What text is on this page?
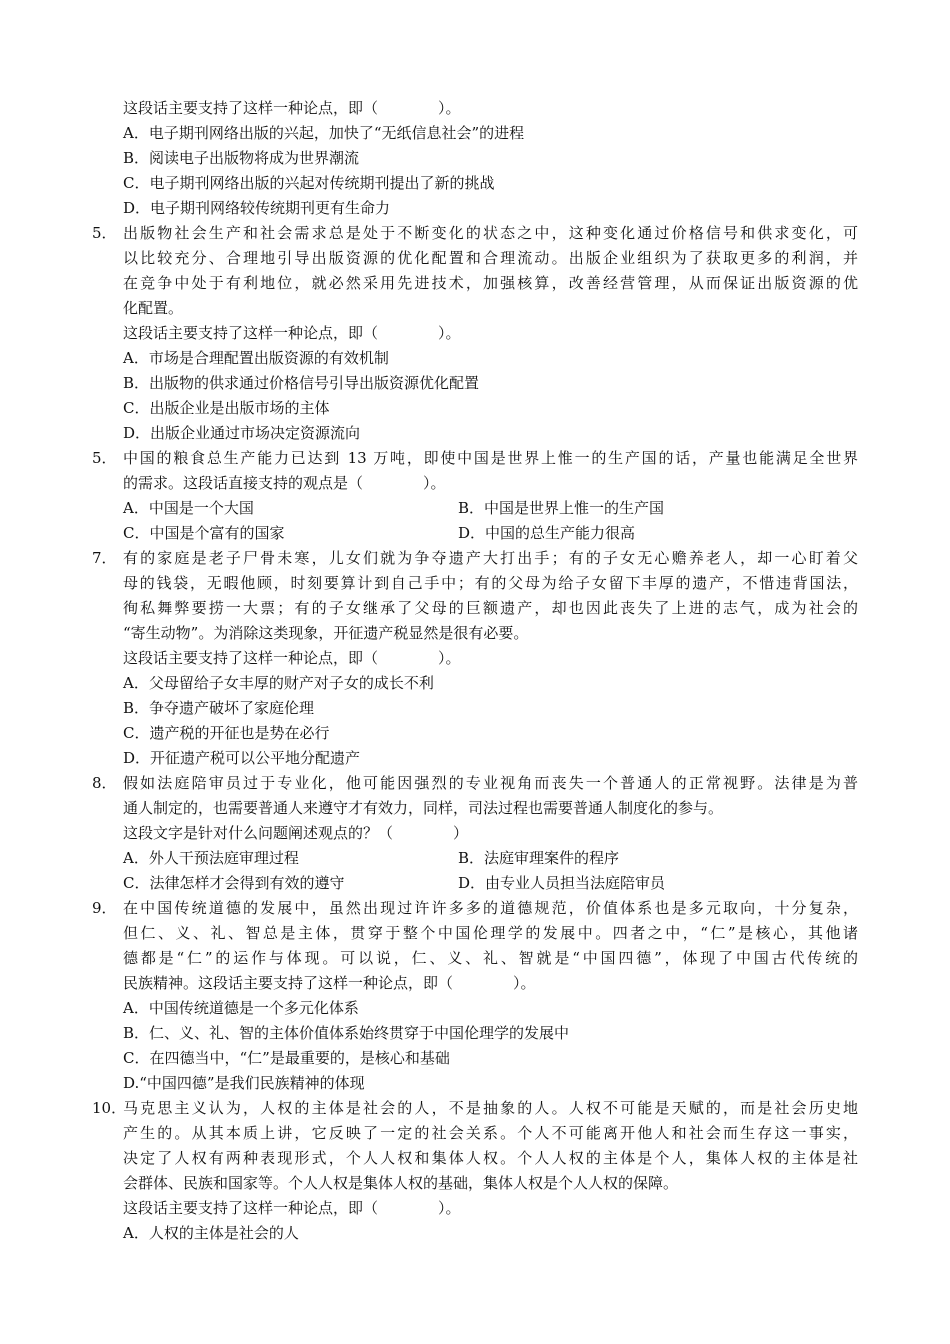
这段话主要支持了这样一种论点，即（　　　　）。
A．电子期刊网络出版的兴起，加快了“无纸信息社会”的进程
B．阅读电子出版物将成为世界潮流
C．电子期刊网络出版的兴起对传统期刊提出了新的挑战
D．电子期刊网络较传统期刊更有生命力
5． 出版物社会生产和社会需求总是处于不断变化的状态之中，这种变化通过价格信号和供求变化，可
以比较充分、合理地引导出版资源的优化配置和合理流动。出版企业组织为了获取更多的利润，并
在竞争中处于有利地位，就必然采用先进技术，加强核算，改善经营管理，从而保证出版资源的优
化配置。
这段话主要支持了这样一种论点，即（　　　　）。
A．市场是合理配置出版资源的有效机制
B．出版物的供求通过价格信号引导出版资源优化配置
C．出版企业是出版市场的主体
D．出版企业通过市场决定资源流向
5． 中国的粮食总生产能力已达到 13 万吨，即使中国是世界上惟一的生产国的话，产量也能满足全世界
的需求。这段话直接支持的观点是（　　　　）。
A．中国是一个大国	B．中国是世界上惟一的生产国
C．中国是个富有的国家	D．中国的总生产能力很高
7． 有的家庭是老子尸骨未寒，儿女们就为争夺遗产大打出手；有的子女无心赡养老人，却一心盯着父
母的钱袋，无暇他顾，时刻要算计到自己手中；有的父母为给子女留下丰厚的遗产，不惜违背国法，
徇私舞弊要捞一大票；有的子女继承了父母的巨额遗产，却也因此丧失了上进的志气，成为社会的
“寄生动物”。为消除这类现象，开征遗产税显然是很有必要。
这段话主要支持了这样一种论点，即（　　　　）。
A．父母留给子女丰厚的财产对子女的成长不利
B．争夺遗产破坏了家庭伦理
C．遗产税的开征也是势在必行
D．开征遗产税可以公平地分配遗产
8． 假如法庭陪审员过于专业化，他可能因强烈的专业视角而丧失一个普通人的正常视野。法律是为普
通人制定的，也需要普通人来遵守才有效力，同样，司法过程也需要普通人制度化的参与。
这段文字是针对什么问题阐述观点的？（　　　　）
A．外人干预法庭审理过程	B．法庭审理案件的程序
C．法律怎样才会得到有效的遵守	D．由专业人员担当法庭陪审员
9． 在中国传统道德的发展中，虽然出现过许许多多的道德规范，价值体系也是多元取向，十分复杂，
但仁、义、礼、智总是主体，贯穿于整个中国伦理学的发展中。四者之中，“仁”是核心，其他诸
德都是“仁”的运作与体现。可以说，仁、义、礼、智就是“中国四德”，体现了中国古代传统的
民族精神。这段话主要支持了这样一种论点，即（　　　　）。
A．中国传统道德是一个多元化体系
B．仁、义、礼、智的主体价值体系始终贯穿于中国伦理学的发展中
C．在四德当中，“仁”是最重要的，是核心和基础
D.“中国四德”是我们民族精神的体现
10．
马克思主义认为，人权的主体是社会的人，不是抽象的人。人权不可能是天赋的，而是社会历史地
产生的。从其本质上讲，它反映了一定的社会关系。个人不可能离开他人和社会而生存这一事实，
决定了人权有两种表现形式，个人人权和集体人权。个人人权的主体是个人，集体人权的主体是社
会群体、民族和国家等。个人人权是集体人权的基础，集体人权是个人人权的保障。
这段话主要支持了这样一种论点，即（　　　　）。
A．人权的主体是社会的人
